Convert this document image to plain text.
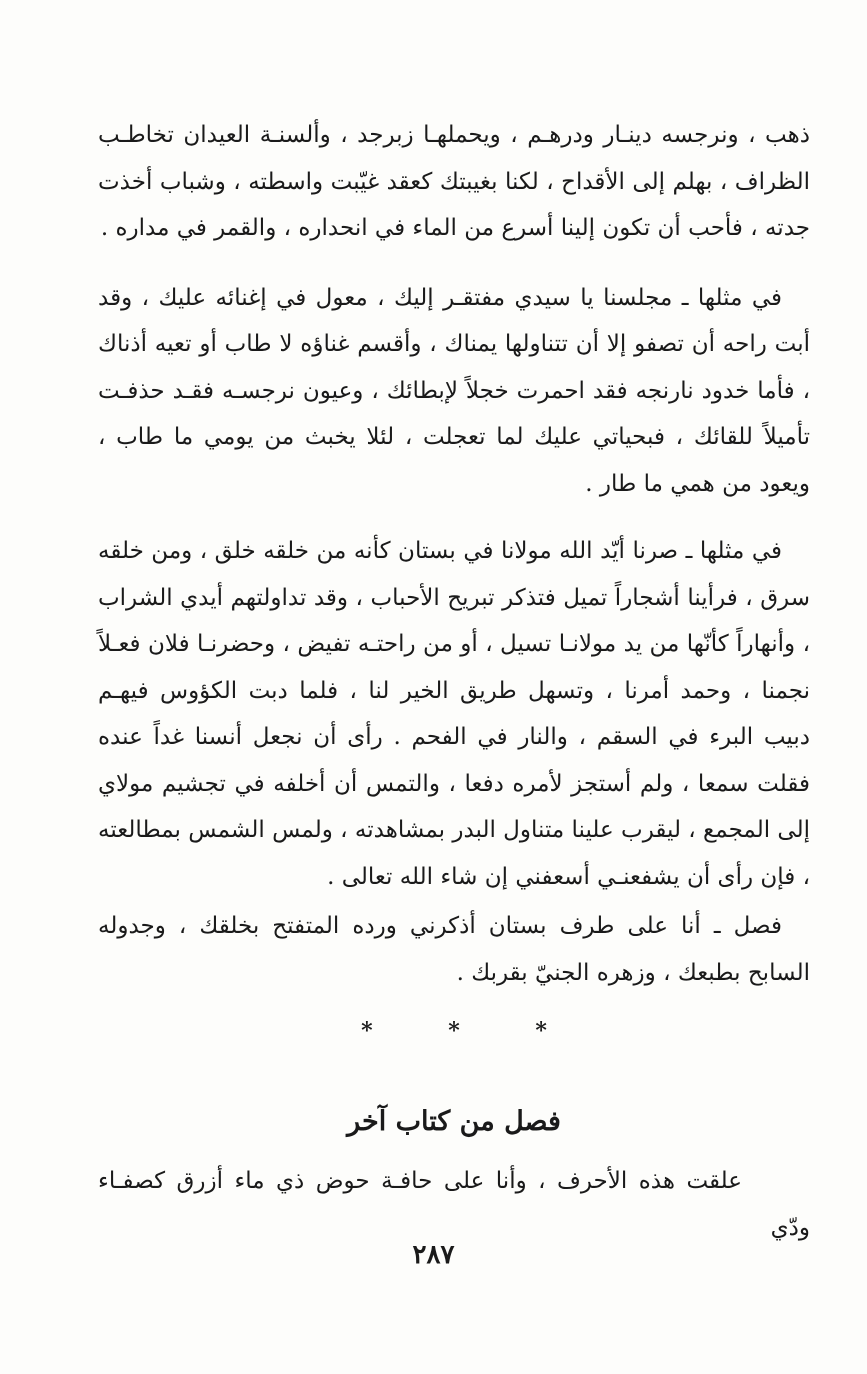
ذهب ، ونرجسه دينـار ودرهـم ، ويحملهـا زبرجد ، وألسنـة العيدان تخاطـب الظراف ، بهلم إلى الأقداح ، لكنا بغيبتك كعقد غيّبت واسطته ، وشباب أخذت جدته ، فأحب أن تكون إلينا أسرع من الماء في انحداره ، والقمر في مداره .

في مثلها ـ مجلسنا يا سيدي مفتقـر إليك ، معول في إغنائه عليك ، وقد أبت راحه أن تصفو إلا أن تتناولها يمناك ، وأقسم غناؤه لا طاب أو تعيه أذناك ، فأما خدود نارنجه فقد احمرت خجلاً لإبطائك ، وعيون نرجسـه فقـد حذفـت تأميلاً للقائك ، فبحياتي عليك لما تعجلت ، لئلا يخبث من يومي ما طاب ، ويعود من همي ما طار .

في مثلها ـ صرنا أيّد الله مولانا في بستان كأنه من خلقه خلق ، ومن خلقه سرق ، فرأينا أشجاراً تميل فتذكر تبريح الأحباب ، وقد تداولتهم أيدي الشراب ، وأنهاراً كأنّها من يد مولانـا تسيل ، أو من راحتـه تفيض ، وحضرنـا فلان فعـلاً نجمنا ، وحمد أمرنا ، وتسهل طريق الخير لنا ، فلما دبت الكؤوس فيهـم دبيب البرء في السقم ، والنار في الفحم . رأى أن نجعل أنسنا غداً عنده فقلت سمعا ، ولم أستجز لأمره دفعا ، والتمس أن أخلفه في تجشيم مولاي إلى المجمع ، ليقرب علينا متناول البدر بمشاهدته ، ولمس الشمس بمطالعته ، فإن رأى أن يشفعنـي أسعفني إن شاء الله تعالى .

فصل ـ أنا على طرف بستان أذكرني ورده المتفتح بخلقك ، وجدوله السابح بطبعك ، وزهره الجنيّ بقربك .

* * *
فصل من كتاب آخر

علقت هذه الأحرف ، وأنا على حافـة حوض ذي ماء أزرق كصفـاء ودّي

٢٨٧
